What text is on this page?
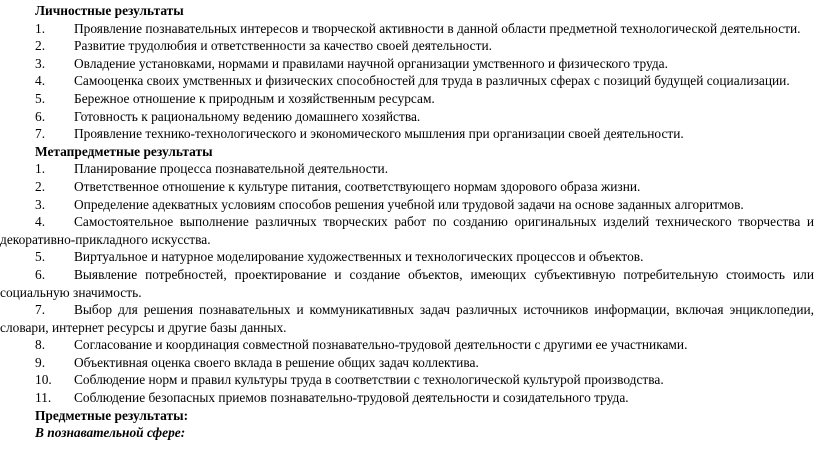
Личностные результаты

1. Проявление познавательных интересов и творческой активности в данной области предметной технологической деятельности.

2. Развитие трудолюбия и ответственности за качество своей деятельности.

3. Овладение установками, нормами и правилами научной организации умственного и физического труда.

4. Самооценка своих умственных и физических способностей для труда в различных сферах с позиций будущей социализации.

5. Бережное отношение к природным и хозяйственным ресурсам.

6. Готовность к рациональному ведению домашнего хозяйства.

7. Проявление технико-технологического и экономического мышления при организации своей деятельности.

Метапредметные результаты

1. Планирование процесса познавательной деятельности.

2. Ответственное отношение к культуре питания, соответствующего нормам здорового образа жизни.

3. Определение адекватных условиям способов решения учебной или трудовой задачи на основе заданных алгоритмов.

4. Самостоятельное выполнение различных творческих работ по созданию оригинальных изделий технического творчества и декоративно-прикладного искусства.

5. Виртуальное и натурное моделирование художественных и технологических процессов и объектов.

6. Выявление потребностей, проектирование и создание объектов, имеющих субъективную потребительную стоимость или социальную значимость.

7. Выбор для решения познавательных и коммуникативных задач различных источников информации, включая энциклопедии, словари, интернет ресурсы и другие базы данных.

8. Согласование и координация совместной познавательно-трудовой деятельности с другими ее участниками.

9. Объективная оценка своего вклада в решение общих задач коллектива.

10. Соблюдение норм и правил культуры труда в соответствии с технологической культурой производства.

11. Соблюдение безопасных приемов познавательно-трудовой деятельности и созидательного труда.

Предметные результаты:
В познавательной сфере:
